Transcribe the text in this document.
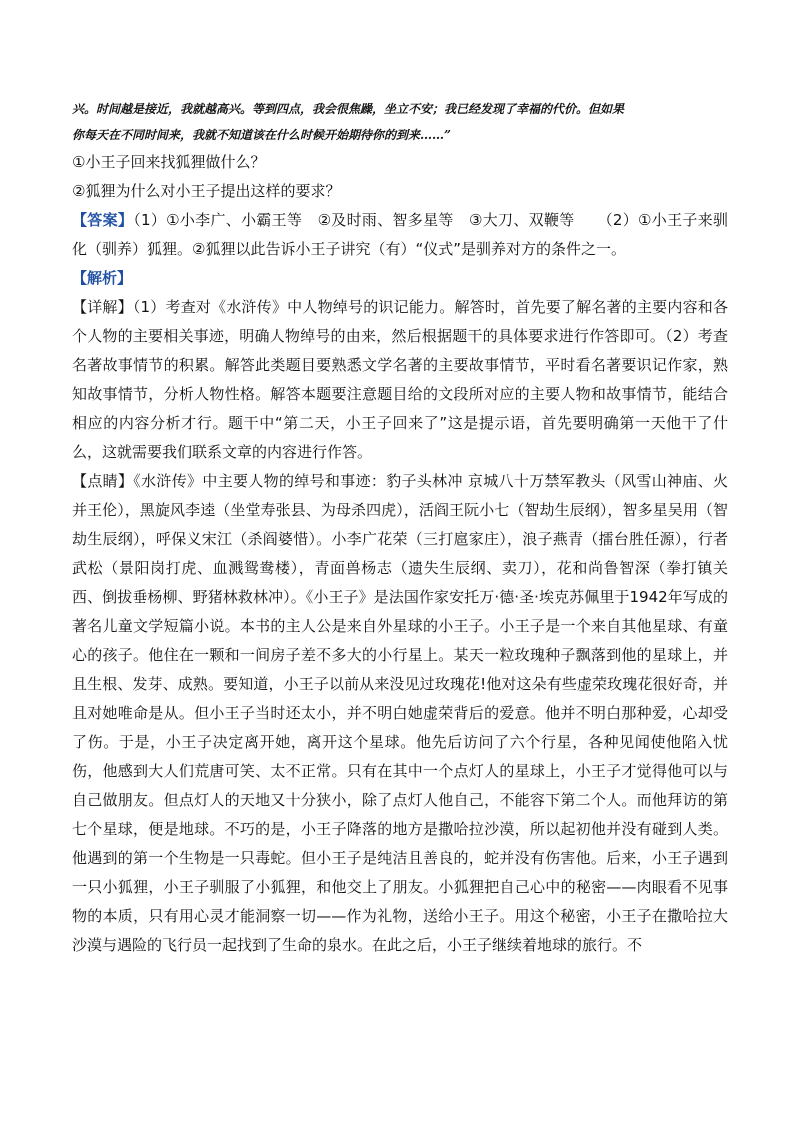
兴。时间越是接近，我就越高兴。等到四点，我会很焦躁，坐立不安；我已经发现了幸福的代价。但如果
你每天在不同时间来，我就不知道该在什么时候开始期待你的到来……”

①小王子回来找狐狸做什么？
②狐狸为什么对小王子提出这样的要求？

【答案】（1）①小李广、小霸王等　②及时雨、智多星等　③大刀、双鞭等　　（2）①小王子来驯化（驯养）狐狸。②狐狸以此告诉小王子讲究（有）“仪式”是驯养对方的条件之一。

【解析】

【详解】（1）考查对《水浒传》中人物绰号的识记能力。解答时，首先要了解名著的主要内容和各个人物的主要相关事迹，明确人物绰号的由来，然后根据题干的具体要求进行作答即可。（2）考查名著故事情节的积累。解答此类题目要熟悉文学名著的主要故事情节，平时看名著要识记作家，熟知故事情节，分析人物性格。解答本题要注意题目给的文段所对应的主要人物和故事情节，能结合相应的内容分析才行。题干中“第二天，小王子回来了”这是提示语，首先要明确第一天他干了什么，这就需要我们联系文章的内容进行作答。

【点睛】《水浒传》中主要人物的绰号和事迹：豹子头林冲 京城八十万禁军教头（风雪山神庙、火并王伦），黑旋风李逵（坐堂寿张县、为母杀四虎），活阎王阮小七（智劫生辰纲），智多星吴用（智劫生辰纲），呼保义宋江（杀阎婆惜）。小李广花荣（三打扈家庄），浪子燕青（擂台胜任源），行者武松（景阳岗打虎、血溅鸳鸯楼），青面兽杨志（遗失生辰纲、卖刀），花和尚鲁智深（拳打镇关西、倒拔垂杨柳、野猪林救林冲）。《小王子》是法国作家安托万·德·圣·埃克苏佩里于1942年写成的著名儿童文学短篇小说。本书的主人公是来自外星球的小王子。小王子是一个来自其他星球、有童心的孩子。他住在一颗和一间房子差不多大的小行星上。某天一粒玫瑰种子飘落到他的星球上，并且生根、发芽、成熟。要知道，小王子以前从来没见过玫瑰花!他对这朵有些虚荣玫瑰花很好奇，并且对她唯命是从。但小王子当时还太小，并不明白她虚荣背后的爱意。他并不明白那种爱，心却受了伤。于是，小王子决定离开她，离开这个星球。他先后访问了六个行星，各种见闻使他陷入忧伤，他感到大人们荒唐可笑、太不正常。只有在其中一个点灯人的星球上，小王子才觉得他可以与自己做朋友。但点灯人的天地又十分狭小，除了点灯人他自己，不能容下第二个人。而他拜访的第七个星球，便是地球。不巧的是，小王子降落的地方是撒哈拉沙漠，所以起初他并没有碰到人类。他遇到的第一个生物是一只毒蛇。但小王子是纯洁且善良的，蛇并没有伤害他。后来，小王子遇到一只小狐狸，小王子驯服了小狐狸，和他交上了朋友。小狐狸把自己心中的秘密——肉眼看不见事物的本质，只有用心灵才能洞察一切——作为礼物，送给小王子。用这个秘密，小王子在撒哈拉大沙漠与遇险的飞行员一起找到了生命的泉水。在此之后，小王子继续着地球的旅行。不
